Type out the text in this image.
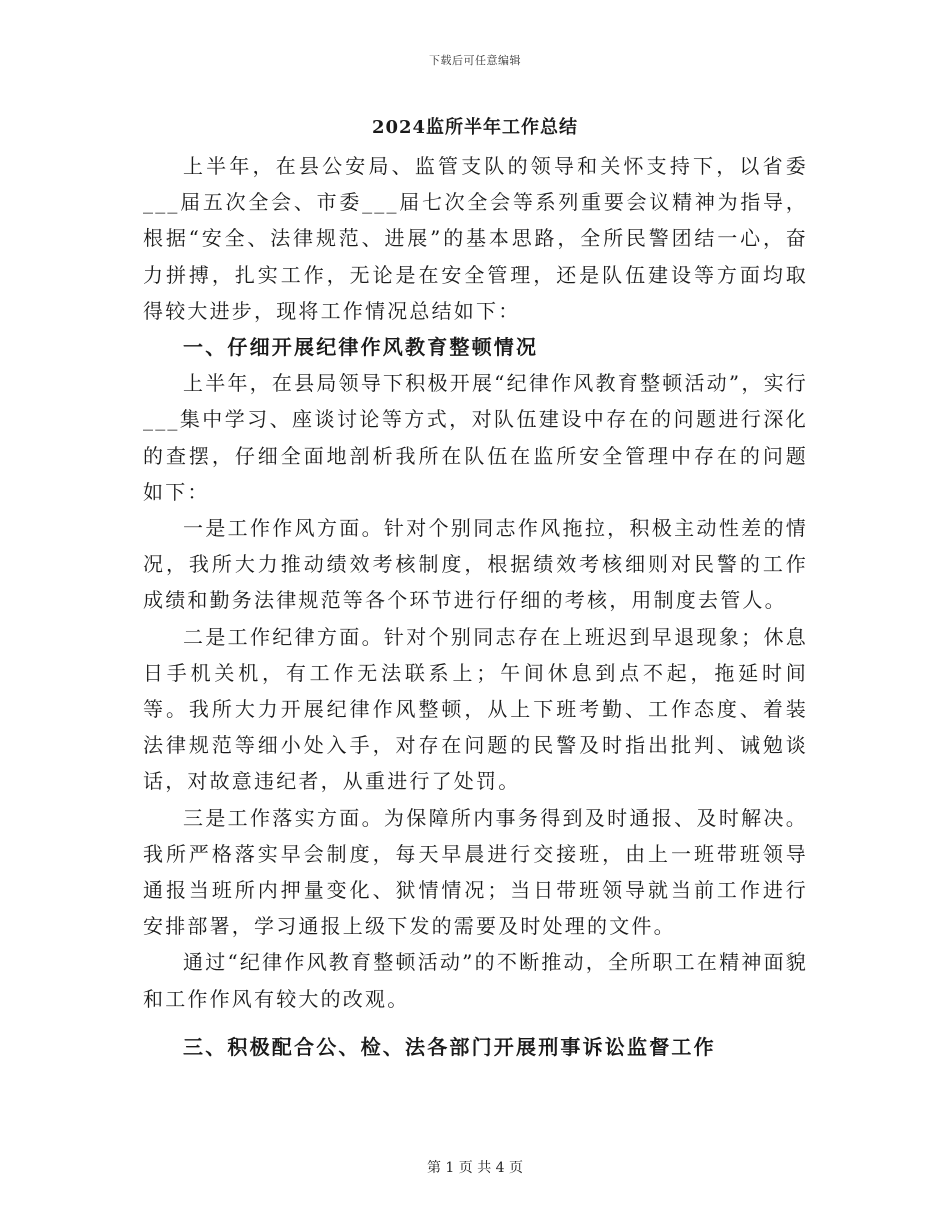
下载后可任意编辑
2024监所半年工作总结

上半年，在县公安局、监管支队的领导和关怀支持下，以省委___届五次全会、市委___届七次全会等系列重要会议精神为指导，根据“安全、法律规范、进展”的基本思路，全所民警团结一心，奋力拼搏，扎实工作，无论是在安全管理，还是队伍建设等方面均取得较大进步，现将工作情况总结如下：

一、仔细开展纪律作风教育整顿情况

上半年，在县局领导下积极开展“纪律作风教育整顿活动”，实行___集中学习、座谈讨论等方式，对队伍建设中存在的问题进行深化的查摆，仔细全面地剖析我所在队伍在监所安全管理中存在的问题如下：

一是工作作风方面。针对个别同志作风拖拉，积极主动性差的情况，我所大力推动绩效考核制度，根据绩效考核细则对民警的工作成绩和勤务法律规范等各个环节进行仔细的考核，用制度去管人。

二是工作纪律方面。针对个别同志存在上班迟到早退现象；休息日手机关机，有工作无法联系上；午间休息到点不起，拖延时间等。我所大力开展纪律作风整顿，从上下班考勤、工作态度、着装法律规范等细小处入手，对存在问题的民警及时指出批判、诫勉谈话，对故意违纪者，从重进行了处罚。

三是工作落实方面。为保障所内事务得到及时通报、及时解决。我所严格落实早会制度，每天早晨进行交接班，由上一班带班领导通报当班所内押量变化、狱情情况；当日带班领导就当前工作进行安排部署，学习通报上级下发的需要及时处理的文件。

通过“纪律作风教育整顿活动”的不断推动，全所职工在精神面貌和工作作风有较大的改观。

三、积极配合公、检、法各部门开展刑事诉讼监督工作

第 1 页 共 4 页
